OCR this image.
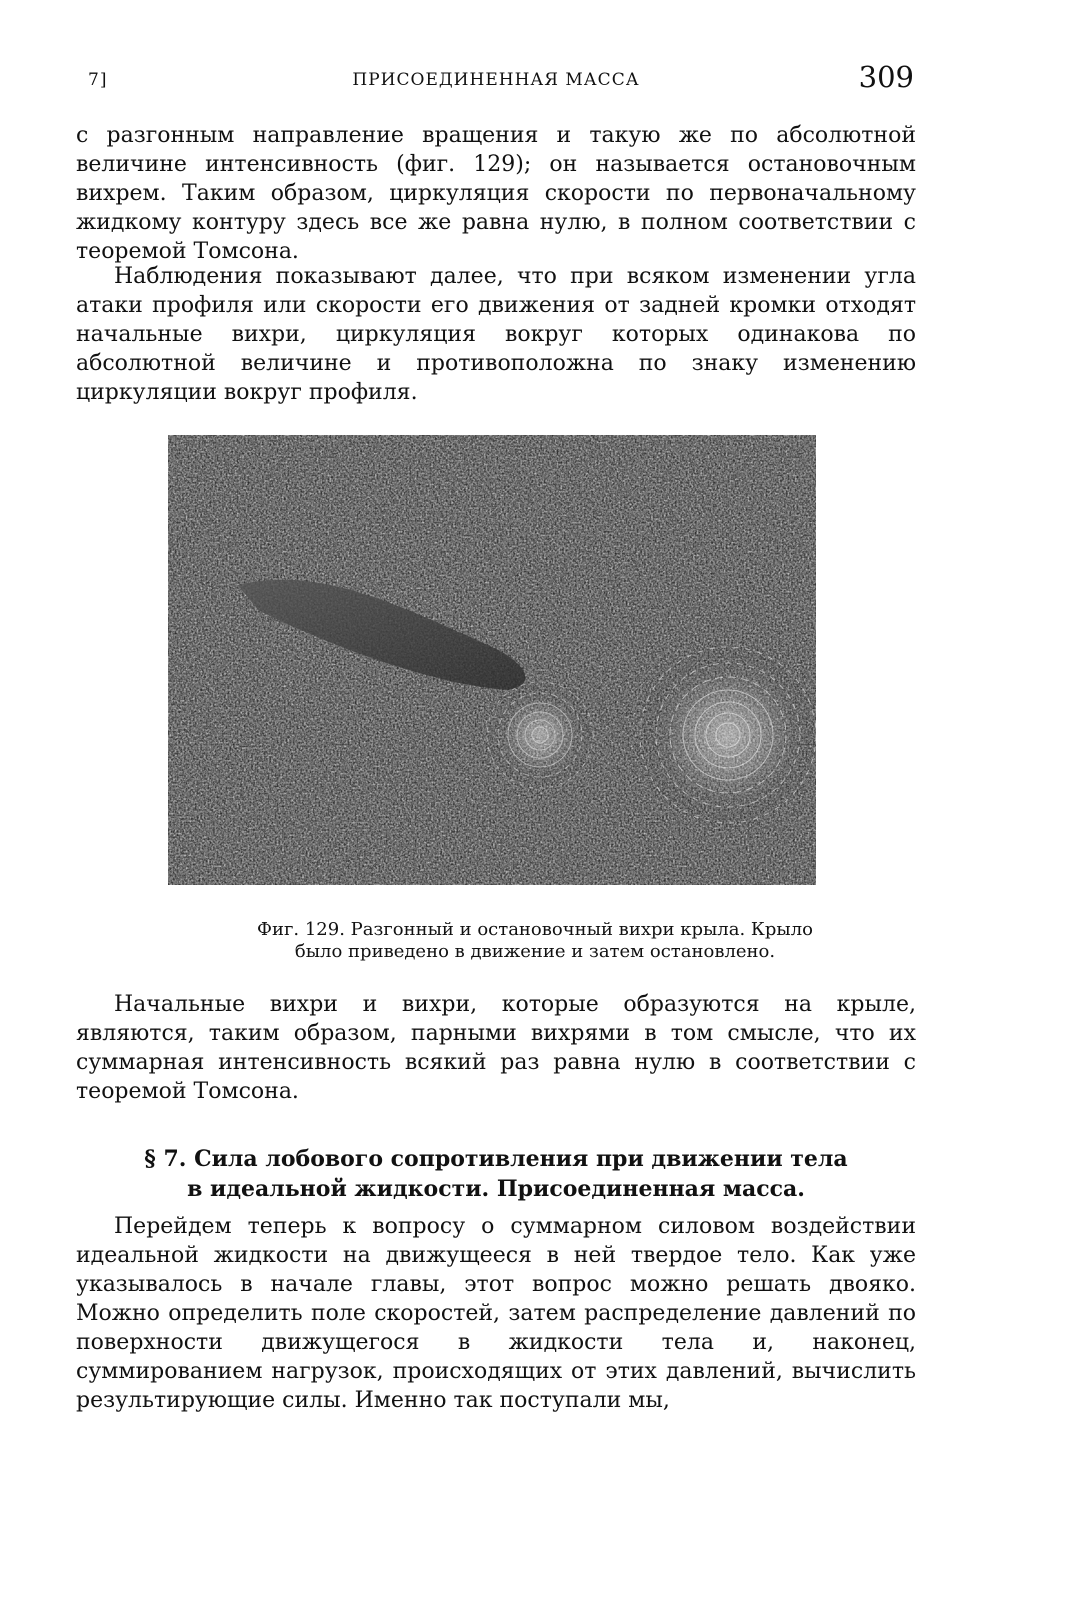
7]	ПРИСОЕДИНЕННАЯ МАССА	309

с разгонным направление вращения и такую же по абсолютной величине интенсивность (фиг. 129); он называется остановочным вихрем. Таким образом, циркуляция скорости по первоначальному жидкому контуру здесь все же равна нулю, в полном соответствии с теоремой Томсона.

Наблюдения показывают далее, что при всяком изменении угла атаки профиля или скорости его движения от задней кромки отходят начальные вихри, циркуляция вокруг которых одинакова по абсолютной величине и противоположна по знаку изменению циркуляции вокруг профиля.

Фиг. 129. Разгонный и остановочный вихри крыла. Крыло
было приведено в движение и затем остановлено.

Начальные вихри и вихри, которые образуются на крыле, являются, таким образом, парными вихрями в том смысле, что их суммарная интенсивность всякий раз равна нулю в соответствии с теоремой Томсона.

§ 7. Сила лобового сопротивления при движении тела
в идеальной жидкости. Присоединенная масса.

Перейдем теперь к вопросу о суммарном силовом воздействии идеальной жидкости на движущееся в ней твердое тело. Как уже указывалось в начале главы, этот вопрос можно решать двояко. Можно определить поле скоростей, затем распределение давлений по поверхности движущегося в жидкости тела и, наконец, суммированием нагрузок, происходящих от этих давлений, вычислить результирующие силы. Именно так поступали мы,
